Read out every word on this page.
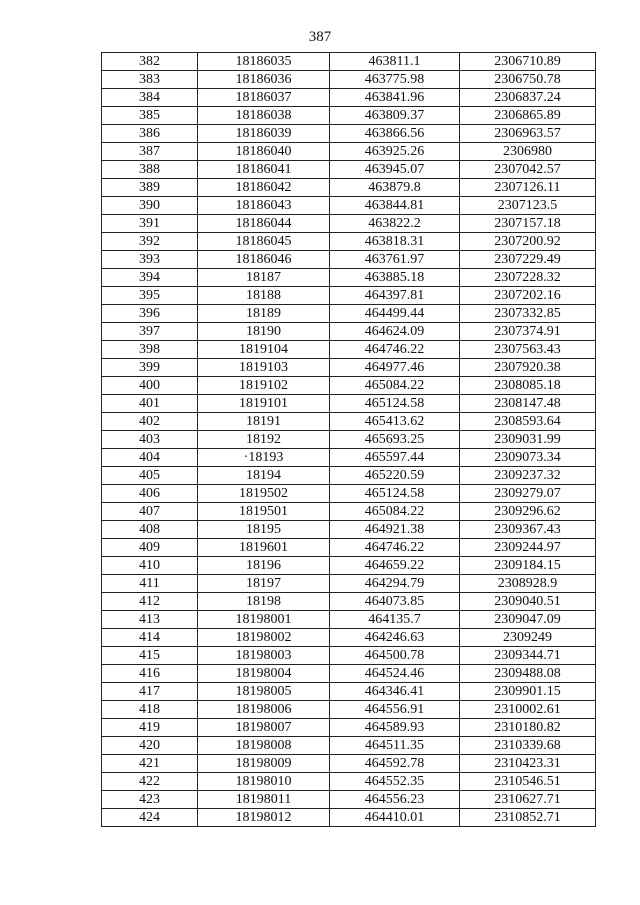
387
382	18186035	463811.1	2306710.89
383	18186036	463775.98	2306750.78
384	18186037	463841.96	2306837.24
385	18186038	463809.37	2306865.89
386	18186039	463866.56	2306963.57
387	18186040	463925.26	2306980
388	18186041	463945.07	2307042.57
389	18186042	463879.8	2307126.11
390	18186043	463844.81	2307123.5
391	18186044	463822.2	2307157.18
392	18186045	463818.31	2307200.92
393	18186046	463761.97	2307229.49
394	18187	463885.18	2307228.32
395	18188	464397.81	2307202.16
396	18189	464499.44	2307332.85
397	18190	464624.09	2307374.91
398	1819104	464746.22	2307563.43
399	1819103	464977.46	2307920.38
400	1819102	465084.22	2308085.18
401	1819101	465124.58	2308147.48
402	18191	465413.62	2308593.64
403	18192	465693.25	2309031.99
404	·18193	465597.44	2309073.34
405	18194	465220.59	2309237.32
406	1819502	465124.58	2309279.07
407	1819501	465084.22	2309296.62
408	18195	464921.38	2309367.43
409	1819601	464746.22	2309244.97
410	18196	464659.22	2309184.15
411	18197	464294.79	2308928.9
412	18198	464073.85	2309040.51
413	18198001	464135.7	2309047.09
414	18198002	464246.63	2309249
415	18198003	464500.78	2309344.71
416	18198004	464524.46	2309488.08
417	18198005	464346.41	2309901.15
418	18198006	464556.91	2310002.61
419	18198007	464589.93	2310180.82
420	18198008	464511.35	2310339.68
421	18198009	464592.78	2310423.31
422	18198010	464552.35	2310546.51
423	18198011	464556.23	2310627.71
424	18198012	464410.01	2310852.71
